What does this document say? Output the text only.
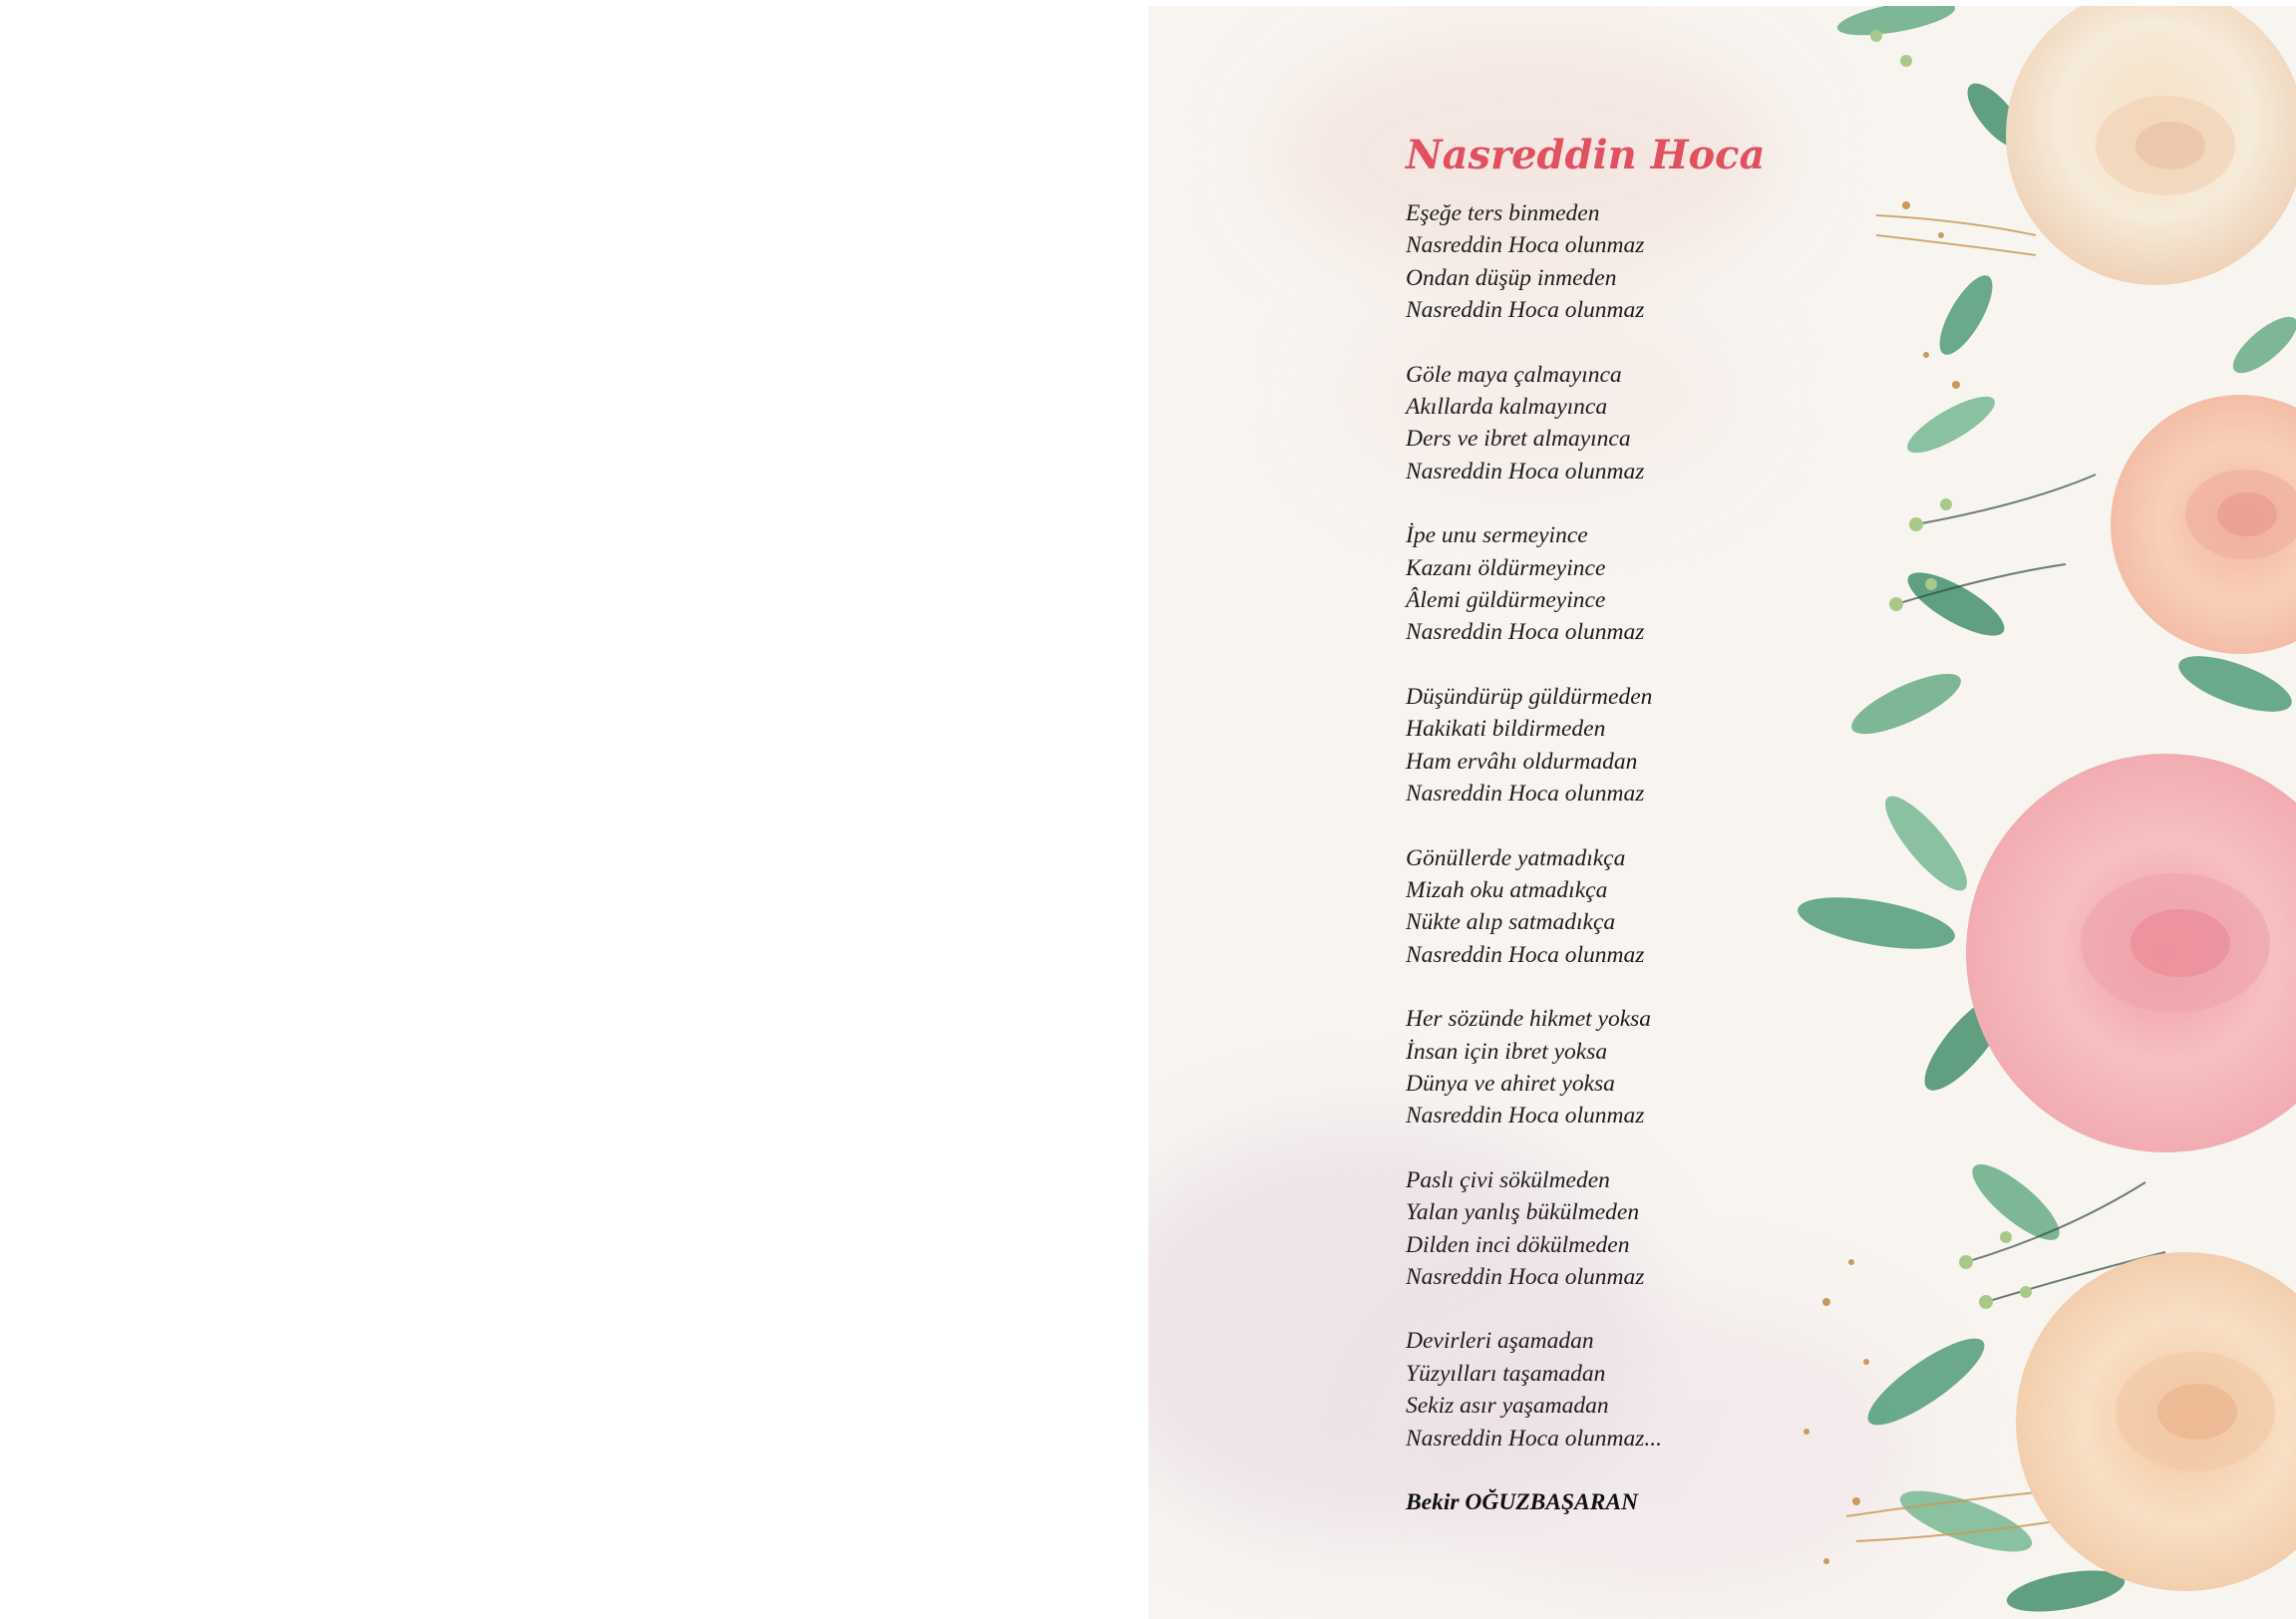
Nasreddin Hoca
Eşeğe ters binmeden
Nasreddin Hoca olunmaz
Ondan düşüp inmeden
Nasreddin Hoca olunmaz
Göle maya çalmayınca
Akıllarda kalmayınca
Ders ve ibret almayınca
Nasreddin Hoca olunmaz
İpe unu sermeyince
Kazanı öldürmeyince
Âlemi güldürmeyince
Nasreddin Hoca olunmaz
Düşündürüp güldürmeden
Hakikati bildirmeden
Ham ervâhı oldurmadan
Nasreddin Hoca olunmaz
Gönüllerde yatmadıkça
Mizah oku atmadıkça
Nükte alıp satmadıkça
Nasreddin Hoca olunmaz
Her sözünde hikmet yoksa
İnsan için ibret yoksa
Dünya ve ahiret yoksa
Nasreddin Hoca olunmaz
Paslı çivi sökülmeden
Yalan yanlış bükülmeden
Dilden inci dökülmeden
Nasreddin Hoca olunmaz
Devirleri aşamadan
Yüzyılları taşamadan
Sekiz asır yaşamadan
Nasreddin Hoca olunmaz...
Bekir OĞUZBAŞARAN
